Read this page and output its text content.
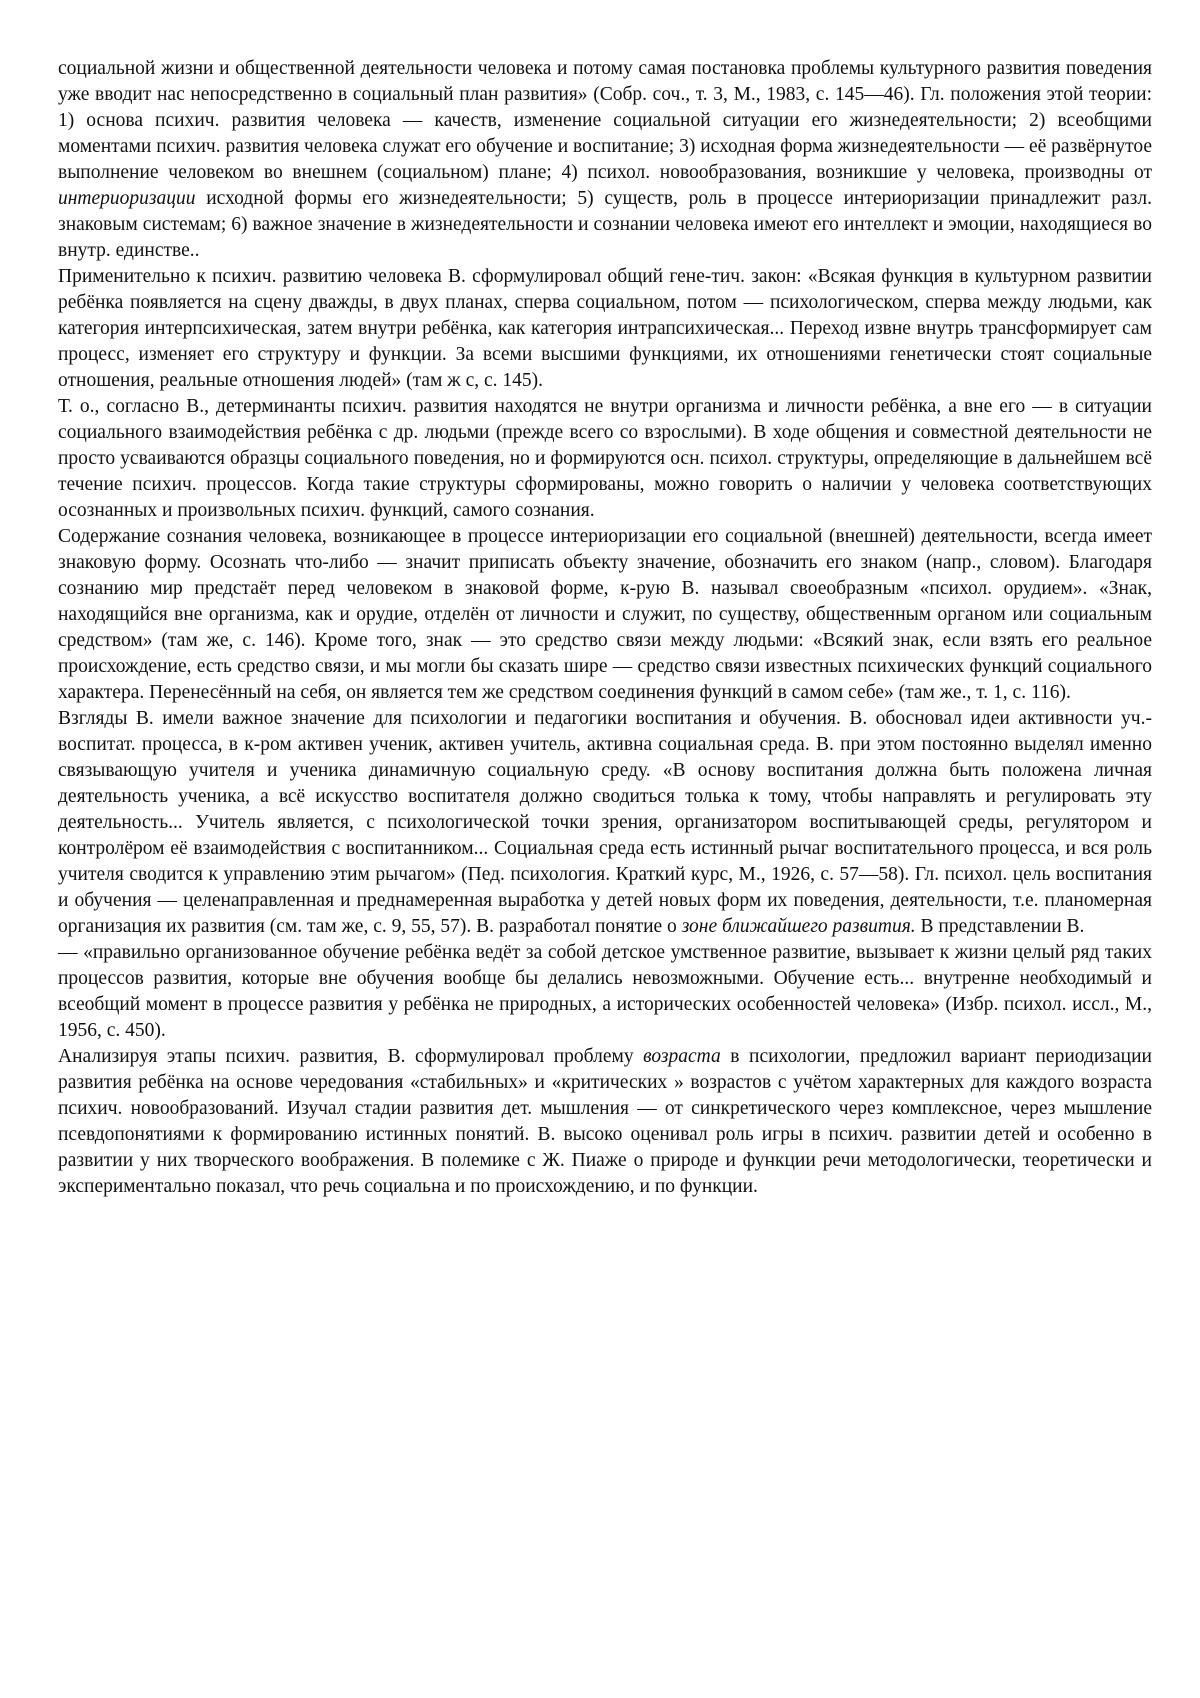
социальной жизни и общественной деятельности человека и потому самая постановка проблемы культурного развития поведения уже вводит нас непосредственно в социальный план развития» (Собр. соч., т. 3, М., 1983, с. 145—46). Гл. положения этой теории: 1) основа психич. развития человека — качеств, изменение социальной ситуации его жизнедеятельности; 2) всеобщими моментами психич. развития человека служат его обучение и воспитание; 3) исходная форма жизнедеятельности — её развёрнутое выполнение человеком во внешнем (социальном) плане; 4) психол. новообразования, возникшие у человека, производны от интериоризации исходной формы его жизнедеятельности; 5) существ, роль в процессе интериоризации принадлежит разл. знаковым системам; 6) важное значение в жизнедеятельности и сознании человека имеют его интеллект и эмоции, находящиеся во внутр. единстве..

Применительно к психич. развитию человека В. сформулировал общий гене-тич. закон: «Всякая функция в культурном развитии ребёнка появляется на сцену дважды, в двух планах, сперва социальном, потом — психологическом, сперва между людьми, как категория интерпсихическая, затем внутри ребёнка, как категория интрапсихическая... Переход извне внутрь трансформирует сам процесс, изменяет его структуру и функции. За всеми высшими функциями, их отношениями генетически стоят социальные отношения, реальные отношения людей» (там ж с, с. 145).

Т. о., согласно В., детерминанты психич. развития находятся не внутри организма и личности ребёнка, а вне его — в ситуации социального взаимодействия ребёнка с др. людьми (прежде всего со взрослыми). В ходе общения и совместной деятельности не просто усваиваются образцы социального поведения, но и формируются осн. психол. структуры, определяющие в дальнейшем всё течение психич. процессов. Когда такие структуры сформированы, можно говорить о наличии у человека соответствующих осознанных и произвольных психич. функций, самого сознания.

Содержание сознания человека, возникающее в процессе интериоризации его социальной (внешней) деятельности, всегда имеет знаковую форму. Осознать что-либо — значит приписать объекту значение, обозначить его знаком (напр., словом). Благодаря сознанию мир предстаёт перед человеком в знаковой форме, к-рую В. называл своеобразным «психол. орудием». «Знак, находящийся вне организма, как и орудие, отделён от личности и служит, по существу, общественным органом или социальным средством» (там же, с. 146). Кроме того, знак — это средство связи между людьми: «Всякий знак, если взять его реальное происхождение, есть средство связи, и мы могли бы сказать шире — средство связи известных психических функций социального характера. Перенесённый на себя, он является тем же средством соединения функций в самом себе» (там же., т. 1, с. 116).

Взгляды В. имели важное значение для психологии и педагогики воспитания и обучения. В. обосновал идеи активности уч.-воспитат. процесса, в к-ром активен ученик, активен учитель, активна социальная среда. В. при этом постоянно выделял именно связывающую учителя и ученика динамичную социальную среду. «В основу воспитания должна быть положена личная деятельность ученика, а всё искусство воспитателя должно сводиться толька к тому, чтобы направлять и регулировать эту деятельность... Учитель является, с психологической точки зрения, организатором воспитывающей среды, регулятором и контролёром её взаимодействия с воспитанником... Социальная среда есть истинный рычаг воспитательного процесса, и вся роль учителя сводится к управлению этим рычагом» (Пед. психология. Краткий курс, М., 1926, с. 57—58). Гл. психол. цель воспитания и обучения — целенаправленная и преднамеренная выработка у детей новых форм их поведения, деятельности, т.е. планомерная организация их развития (см. там же, с. 9, 55, 57). В. разработал понятие о зоне ближайшего развития. В представлении В.

— «правильно организованное обучение ребёнка ведёт за собой детское умственное развитие, вызывает к жизни целый ряд таких процессов развития, которые вне обучения вообще бы делались невозможными. Обучение есть... внутренне необходимый и всеобщий момент в процессе развития у ребёнка не природных, а исторических особенностей человека» (Избр. психол. иссл., М., 1956, с. 450).

Анализируя этапы психич. развития, В. сформулировал проблему возраста в психологии, предложил вариант периодизации развития ребёнка на основе чередования «стабильных» и «критических » возрастов с учётом характерных для каждого возраста психич. новообразований. Изучал стадии развития дет. мышления — от синкретического через комплексное, через мышление псевдопонятиями к формированию истинных понятий. В. высоко оценивал роль игры в психич. развитии детей и особенно в развитии у них творческого воображения. В полемике с Ж. Пиаже о природе и функции речи методологически, теоретически и экспериментально показал, что речь социальна и по происхождению, и по функции.
